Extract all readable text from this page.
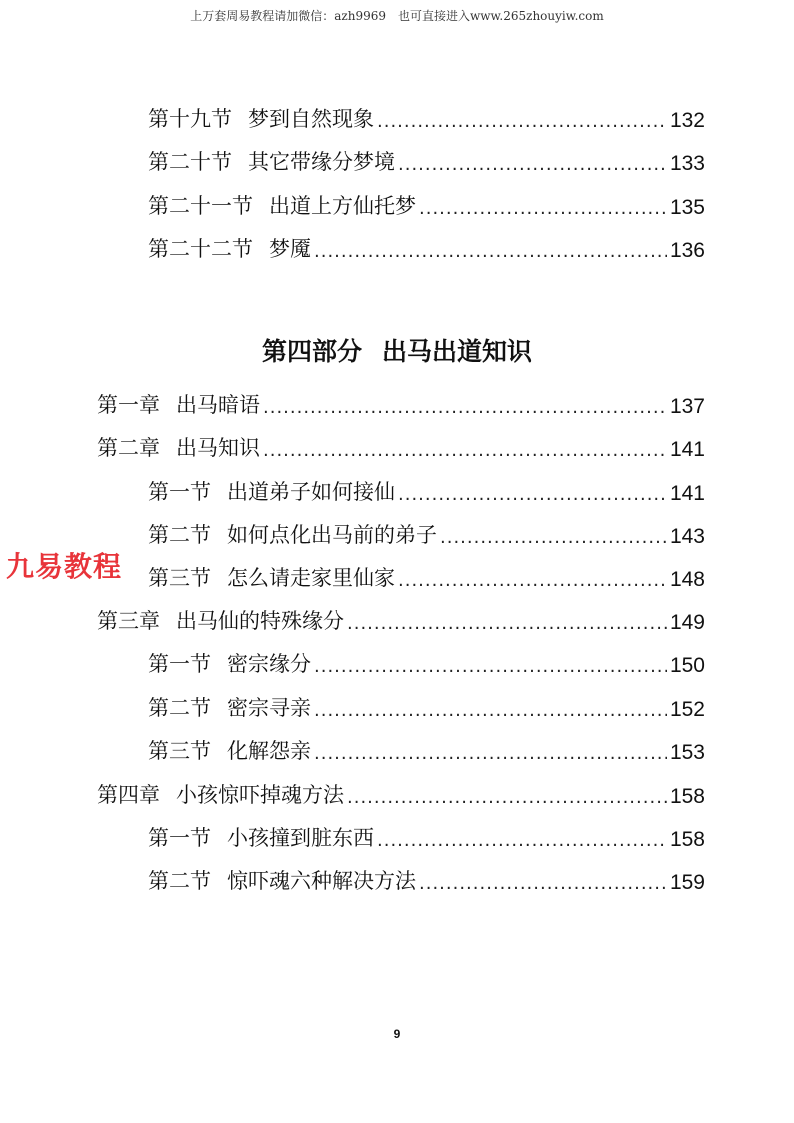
上万套周易教程请加微信：azh9969　也可直接进入www.265zhouyiw.com
第十九节 梦到自然现象 .....	132
第二十节 其它带缘分梦境 .....	133
第二十一节 出道上方仙托梦 .....	135
第二十二节 梦魇 .....	136
第四部分 出马出道知识
第一章 出马暗语 .....	137
第二章 出马知识 .....	141
第一节 出道弟子如何接仙 .....	141
第二节 如何点化出马前的弟子 .....	143
第三节 怎么请走家里仙家 .....	148
第三章 出马仙的特殊缘分 .....	149
第一节 密宗缘分 .....	150
第二节 密宗寻亲 .....	152
第三节 化解怨亲 .....	153
第四章 小孩惊吓掉魂方法 .....	158
第一节 小孩撞到脏东西 .....	158
第二节 惊吓魂六种解决方法 .....	159
九易教程
9
